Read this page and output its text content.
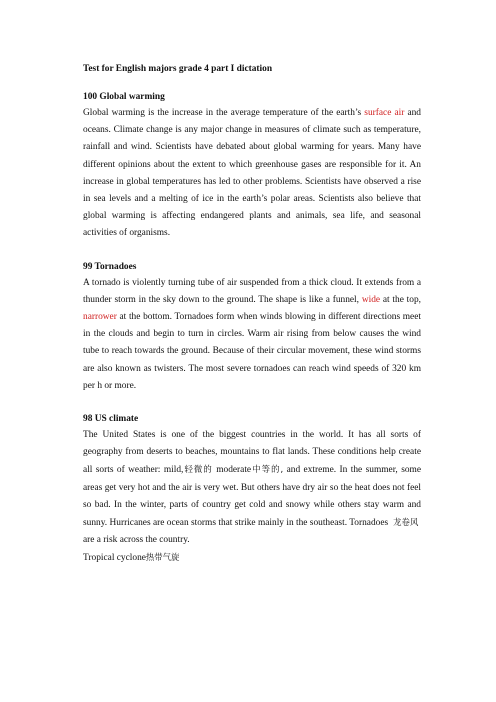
Test for English majors grade 4 part I dictation
100 Global warming

Global warming is the increase in the average temperature of the earth’s surface air and oceans. Climate change is any major change in measures of climate such as temperature, rainfall and wind. Scientists have debated about global warming for years. Many have different opinions about the extent to which greenhouse gases are responsible for it. An increase in global temperatures has led to other problems. Scientists have observed a rise in sea levels and a melting of ice in the earth’s polar areas. Scientists also believe that global warming is affecting endangered plants and animals, sea life, and seasonal activities of organisms.

99 Tornadoes

A tornado is violently turning tube of air suspended from a thick cloud. It extends from a thunder storm in the sky down to the ground. The shape is like a funnel, wide at the top, narrower at the bottom. Tornadoes form when winds blowing in different directions meet in the clouds and begin to turn in circles. Warm air rising from below causes the wind tube to reach towards the ground. Because of their circular movement, these wind storms are also known as twisters. The most severe tornadoes can reach wind speeds of 320 km per h or more.

98 US climate

The United States is one of the biggest countries in the world. It has all sorts of geography from deserts to beaches, mountains to flat lands. These conditions help create all sorts of weather: mild,轻微的 moderate中等的, and extreme. In the summer, some areas get very hot and the air is very wet. But others have dry air so the heat does not feel so bad. In the winter, parts of country get cold and snowy while others stay warm and sunny. Hurricanes are ocean storms that strike mainly in the southeast. Tornadoes  龙卷风  are a risk across the country.

Tropical cyclone热带气旋
